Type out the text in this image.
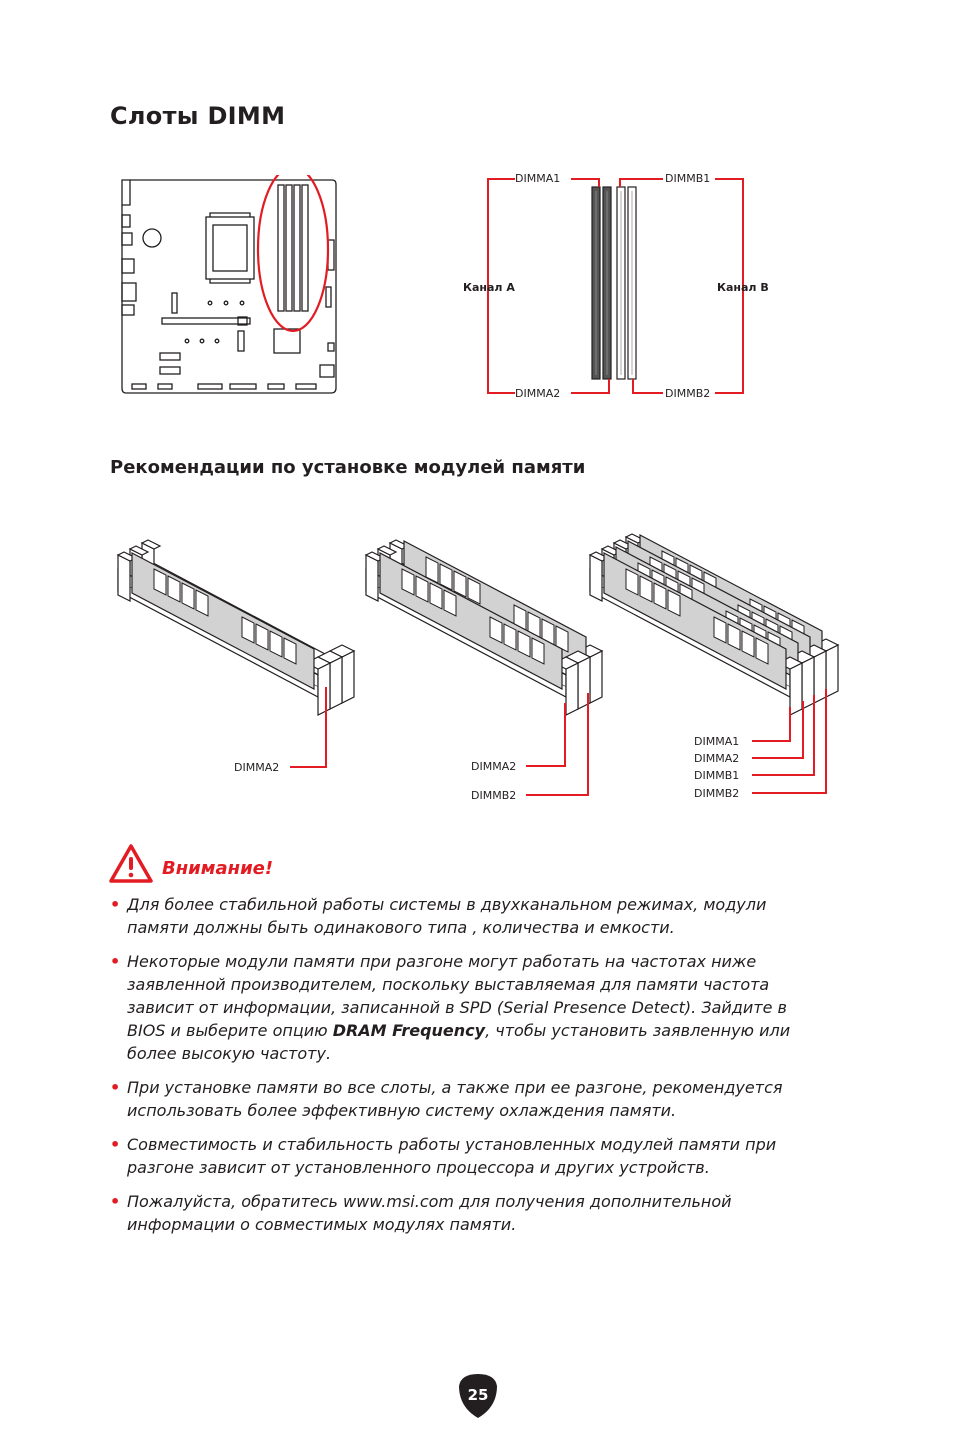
Слоты DIMM
DIMMA1	DIMMB1
DIMMA2	DIMMB2
Канал A	Канал B
Рекомендации по установке модулей памяти
DIMMA2	DIMMA2
DIMMB2
DIMMA1
DIMMA2
DIMMB1
DIMMB2
Внимание!
• Для более стабильной работы системы в двухканальном режимах, модули памяти должны быть одинакового типа , количества и емкости.
• Некоторые модули памяти при разгоне могут работать на частотах ниже заявленной производителем, поскольку выставляемая для памяти частота зависит от информации, записанной в SPD (Serial Presence Detect). Зайдите в BIOS и выберите опцию DRAM Frequency, чтобы установить заявленную или более высокую частоту.
• При установке памяти во все слоты, а также при ее разгоне, рекомендуется использовать более эффективную систему охлаждения памяти.
• Совместимость и стабильность работы установленных модулей памяти при разгоне зависит от установленного процессора и других устройств.
• Пожалуйста, обратитесь www.msi.com для получения дополнительной информации о совместимых модулях памяти.
25
